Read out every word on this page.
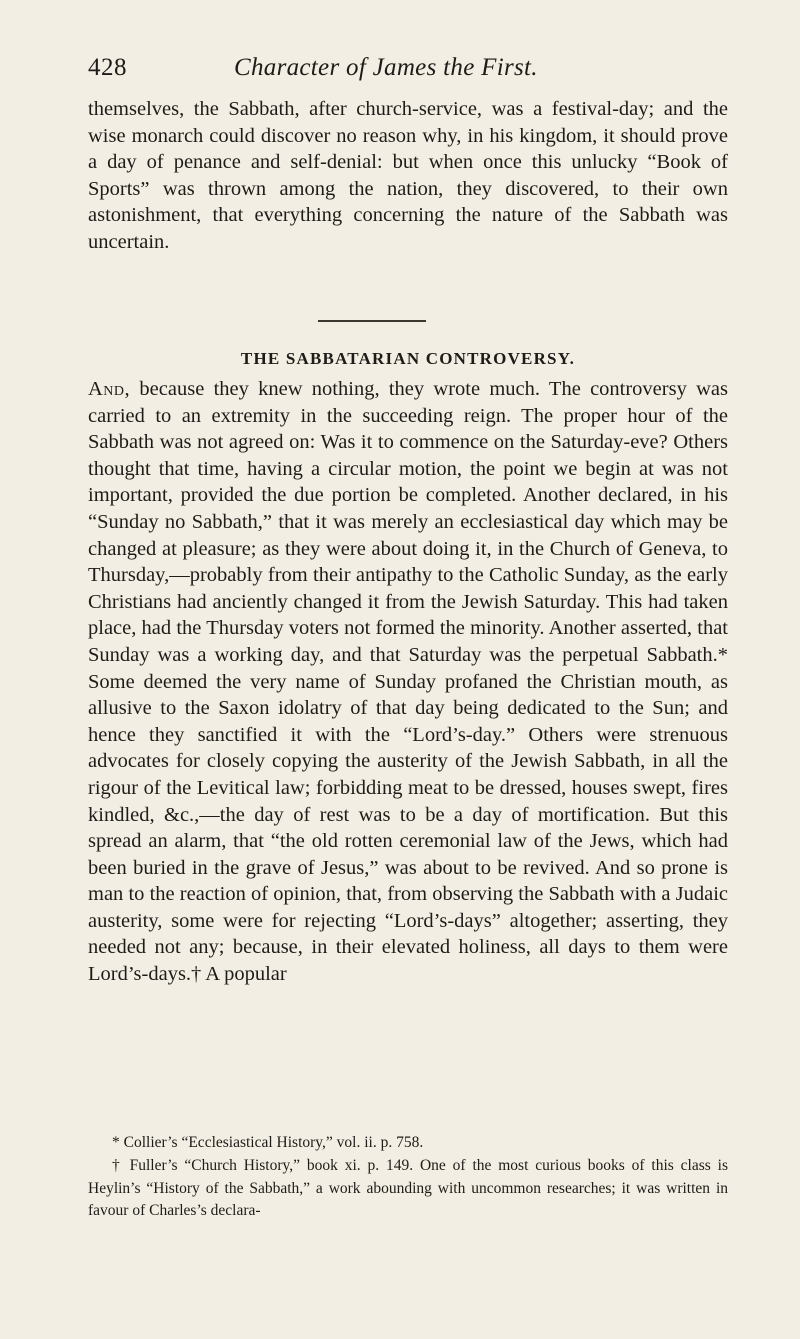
428	Character of James the First.

themselves, the Sabbath, after church-service, was a festival-day; and the wise monarch could discover no reason why, in his kingdom, it should prove a day of penance and self-denial: but when once this unlucky “Book of Sports” was thrown among the nation, they discovered, to their own astonishment, that everything concerning the nature of the Sabbath was uncertain.

THE SABBATARIAN CONTROVERSY.

And, because they knew nothing, they wrote much. The controversy was carried to an extremity in the succeeding reign. The proper hour of the Sabbath was not agreed on: Was it to commence on the Saturday-eve? Others thought that time, having a circular motion, the point we begin at was not important, provided the due portion be completed. Another declared, in his “Sunday no Sabbath,” that it was merely an ecclesiastical day which may be changed at pleasure; as they were about doing it, in the Church of Geneva, to Thursday,—probably from their antipathy to the Catholic Sunday, as the early Christians had anciently changed it from the Jewish Saturday. This had taken place, had the Thursday voters not formed the minority. Another asserted, that Sunday was a working day, and that Saturday was the perpetual Sabbath.* Some deemed the very name of Sunday profaned the Christian mouth, as allusive to the Saxon idolatry of that day being dedicated to the Sun; and hence they sanctified it with the “Lord’s-day.” Others were strenuous advocates for closely copying the austerity of the Jewish Sabbath, in all the rigour of the Levitical law; forbidding meat to be dressed, houses swept, fires kindled, &c.,—the day of rest was to be a day of mortification. But this spread an alarm, that “the old rotten ceremonial law of the Jews, which had been buried in the grave of Jesus,” was about to be revived. And so prone is man to the reaction of opinion, that, from observing the Sabbath with a Judaic austerity, some were for rejecting “Lord’s-days” altogether; asserting, they needed not any; because, in their elevated holiness, all days to them were Lord’s-days.† A popular

* Collier’s “Ecclesiastical History,” vol. ii. p. 758.

† Fuller’s “Church History,” book xi. p. 149. One of the most curious books of this class is Heylin’s “History of the Sabbath,” a work abounding with uncommon researches; it was written in favour of Charles’s declara-
